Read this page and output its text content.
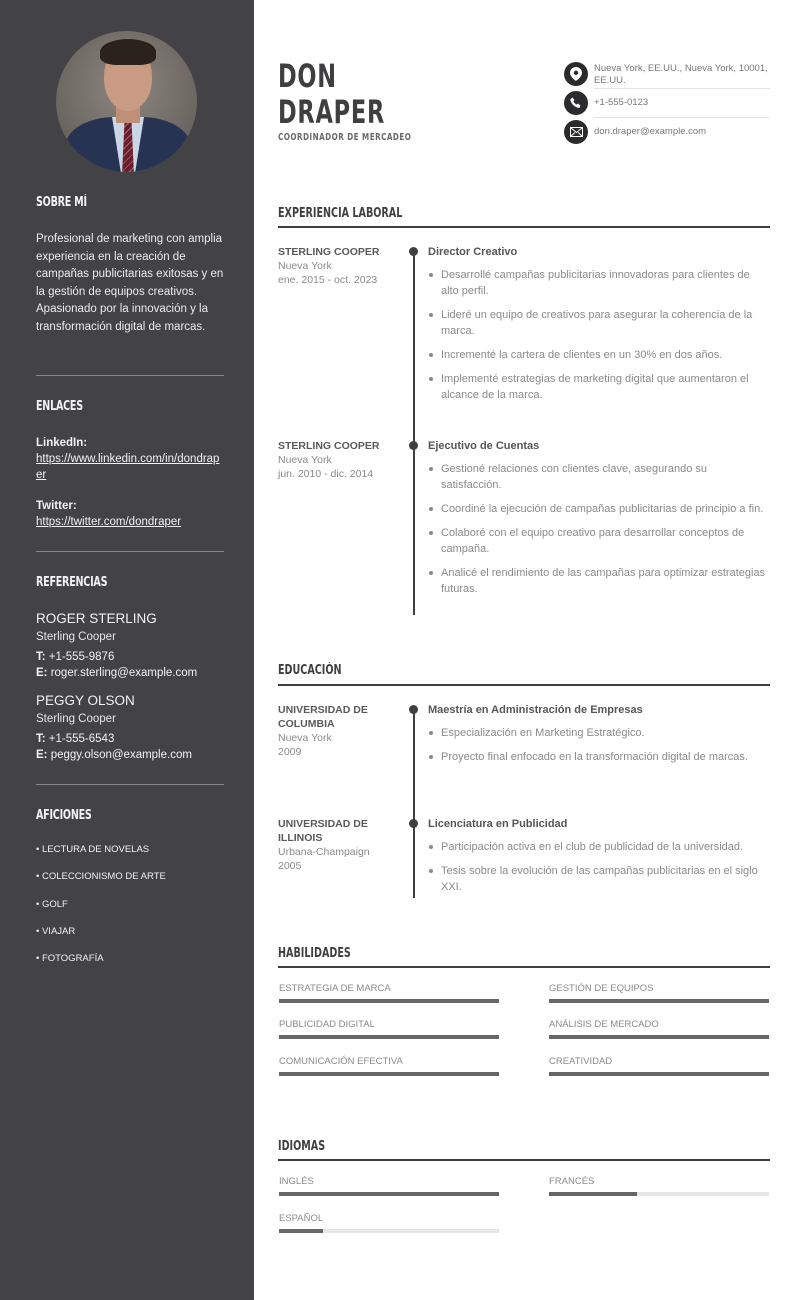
SOBRE MÍ
Profesional de marketing con amplia experiencia en la creación de campañas publicitarias exitosas y en la gestión de equipos creativos. Apasionado por la innovación y la transformación digital de marcas.
ENLACES
LinkedIn:
https://www.linkedin.com/in/dondraper
Twitter:
https://twitter.com/dondraper
REFERENCIAS
ROGER STERLING
Sterling Cooper
T: +1-555-9876
E: roger.sterling@example.com
PEGGY OLSON
Sterling Cooper
T: +1-555-6543
E: peggy.olson@example.com
AFICIONES
• LECTURA DE NOVELAS
• COLECCIONISMO DE ARTE
• GOLF
• VIAJAR
• FOTOGRAFÍA
DON
DRAPER
COORDINADOR DE MERCADEO
Nueva York, EE.UU., Nueva York, 10001, EE.UU.
+1-555-0123
don.draper@example.com
EXPERIENCIA LABORAL
STERLING COOPER
Nueva York
ene. 2015 - oct. 2023
Director Creativo
Desarrollé campañas publicitarias innovadoras para clientes de alto perfil.
Lideré un equipo de creativos para asegurar la coherencia de la marca.
Incrementé la cartera de clientes en un 30% en dos años.
Implementé estrategias de marketing digital que aumentaron el alcance de la marca.
STERLING COOPER
Nueva York
jun. 2010 - dic. 2014
Ejecutivo de Cuentas
Gestioné relaciones con clientes clave, asegurando su satisfacción.
Coordiné la ejecución de campañas publicitarias de principio a fin.
Colaboré con el equipo creativo para desarrollar conceptos de campaña.
Analicé el rendimiento de las campañas para optimizar estrategias futuras.
EDUCACIÓN
UNIVERSIDAD DE COLUMBIA
Nueva York
2009
Maestría en Administración de Empresas
Especialización en Marketing Estratégico.
Proyecto final enfocado en la transformación digital de marcas.
UNIVERSIDAD DE ILLINOIS
Urbana-Champaign
2005
Licenciatura en Publicidad
Participación activa en el club de publicidad de la universidad.
Tesis sobre la evolución de las campañas publicitarias en el siglo XXI.
HABILIDADES
ESTRATEGIA DE MARCA	GESTIÓN DE EQUIPOS
PUBLICIDAD DIGITAL	ANÁLISIS DE MERCADO
COMUNICACIÓN EFECTIVA	CREATIVIDAD
IDIOMAS
INGLÉS	FRANCÉS
ESPAÑOL
